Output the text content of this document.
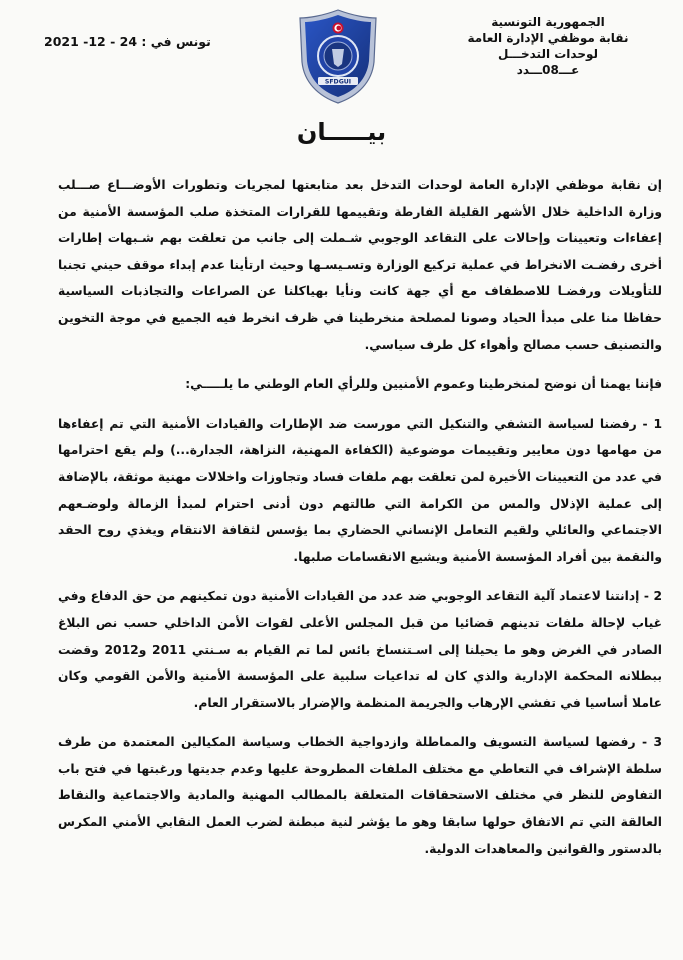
الجمهورية التونسية
نقابة موظفي الإدارة العامة
لوحدات التدخـــل
عـــ08ـــدد
SFDGUI
تونس في : 24 - 12- 2021
بيـــــان

إن نقابة موظفي الإدارة العامة لوحدات التدخل بعد متابعتها لمجريات وتطورات الأوضـــاع صـــلب وزارة الداخلية خلال الأشهر القليلة الفارطة وتقييمها للقرارات المتخذة صلب المؤسسة الأمنية من إعفاءات وتعيينات وإحالات على التقاعد الوجوبي شـملت إلى جانب من تعلقت بهم شـبهات إطارات أخرى رفضـت الانخراط في عملية تركيع الوزارة وتسـيسـها وحيث ارتأينا عدم إبداء موقف حيني تجنبا للتأويلات ورفضـا للاصطفاف مع أي جهة كانت ونأيا بهياكلنا عن الصراعات والتجاذبات السياسية حفاظا منا على مبدأ الحياد وصونا لمصلحة منخرطينا في ظرف انخرط فيه الجميع في موجة التخوين والتصنيف حسب مصالح وأهواء كل طرف سياسي.

فإننا يهمنا أن نوضح لمنخرطينا وعموم الأمنيين وللرأي العام الوطني ما يلـــــي:

1 - رفضنا لسياسة التشفي والتنكيل التي مورست ضد الإطارات والقيادات الأمنية التي تم إعفاءها من مهامها دون معايير وتقييمات موضوعية (الكفاءة المهنية، النزاهة، الجدارة...) ولم يقع احترامها في عدد من التعيينات الأخيرة لمن تعلقت بهم ملفات فساد وتجاوزات واخلالات مهنية موثقة، بالإضافة إلى عملية الإذلال والمس من الكرامة التي طالتهم دون أدنى احترام لمبدأ الزمالة ولوضـعهم الاجتماعي والعائلي ولقيم التعامل الإنساني الحضاري بما يؤسس لثقافة الانتقام ويغذي روح الحقد والنقمة بين أفراد المؤسسة الأمنية ويشيع الانقسامات صلبها.

2 - إدانتنا لاعتماد آلية التقاعد الوجوبي ضد عدد من القيادات الأمنية دون تمكينهم من حق الدفاع وفي غياب لإحالة ملفات تدينهم قضائيا من قبل المجلس الأعلى لقوات الأمن الداخلي حسب نص البلاغ الصادر في الغرض وهو ما يحيلنا إلى اسـتنساخ بائس لما تم القيام به سـنتي 2011 و2012 وقضت ببطلانه المحكمة الإدارية والذي كان له تداعيات سلبية على المؤسسة الأمنية والأمن القومي وكان عاملا أساسيا في تفشي الإرهاب والجريمة المنظمة والإضرار بالاستقرار العام.

3 - رفضها لسياسة التسويف والمماطلة وازدواجية الخطاب وسياسة المكيالين المعتمدة من طرف سلطة الإشراف في التعاطي مع مختلف الملفات المطروحة عليها وعدم جديتها ورغبتها في فتح باب التفاوض للنظر في مختلف الاستحقاقات المتعلقة بالمطالب المهنية والمادية والاجتماعية والنقاط العالقة التي تم الاتفاق حولها سابقا وهو ما يؤشر لنية مبطنة لضرب العمل النقابي الأمني المكرس بالدستور والقوانين والمعاهدات الدولية.
